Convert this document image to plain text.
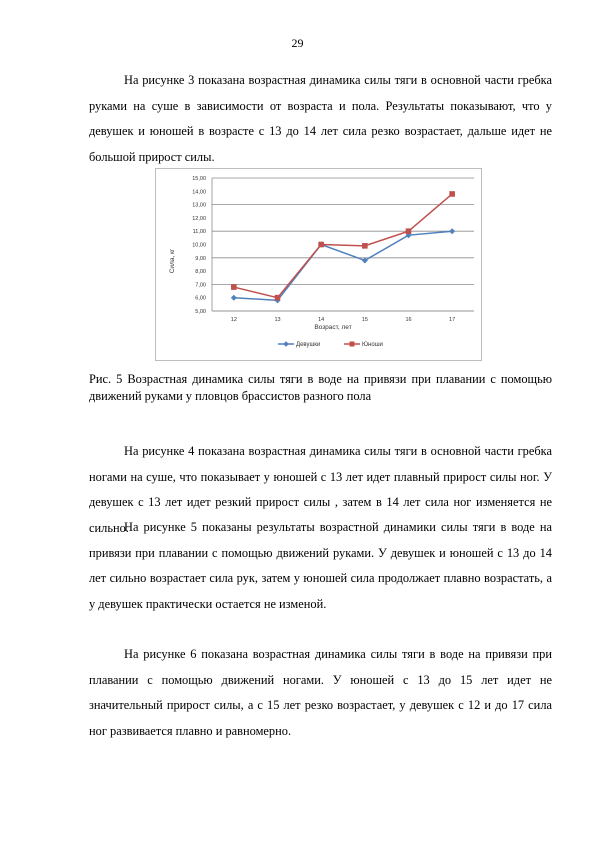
29

На рисунке 3 показана возрастная динамика силы тяги в основной части гребка руками на суше в зависимости от возраста и пола. Результаты показывают, что у девушек и юношей в возрасте с 13 до 14 лет сила резко возрастает, дальше идет не большой прирост силы.

5,00
6,00
7,00
8,00
9,00
10,00
11,00
12,00
13,00
14,00
15,00
12	13	14	15	16	17
Сила, кг
Возраст, лет
Девушки	Юноши

Рис. 5 Возрастная динамика силы тяги в воде на привязи при плавании с помощью движений руками у пловцов брассистов разного пола

На рисунке 4 показана возрастная динамика силы тяги в основной части гребка ногами на суше, что показывает у юношей с 13 лет идет плавный прирост силы ног. У девушек с 13 лет идет резкий прирост силы , затем в 14 лет сила ног изменяется не сильно.

На рисунке 5 показаны результаты возрастной динамики силы тяги в воде на привязи при плавании с помощью движений руками. У девушек и юношей с 13 до 14 лет сильно возрастает сила рук, затем у юношей сила продолжает плавно возрастать, а у девушек практически остается не изменой.

На рисунке 6 показана возрастная динамика силы тяги в воде на привязи при плавании с помощью движений ногами. У юношей с 13 до 15 лет идет не значительный прирост силы, а с 15 лет резко возрастает, у девушек с 12 и до 17 сила ног развивается плавно и равномерно.
